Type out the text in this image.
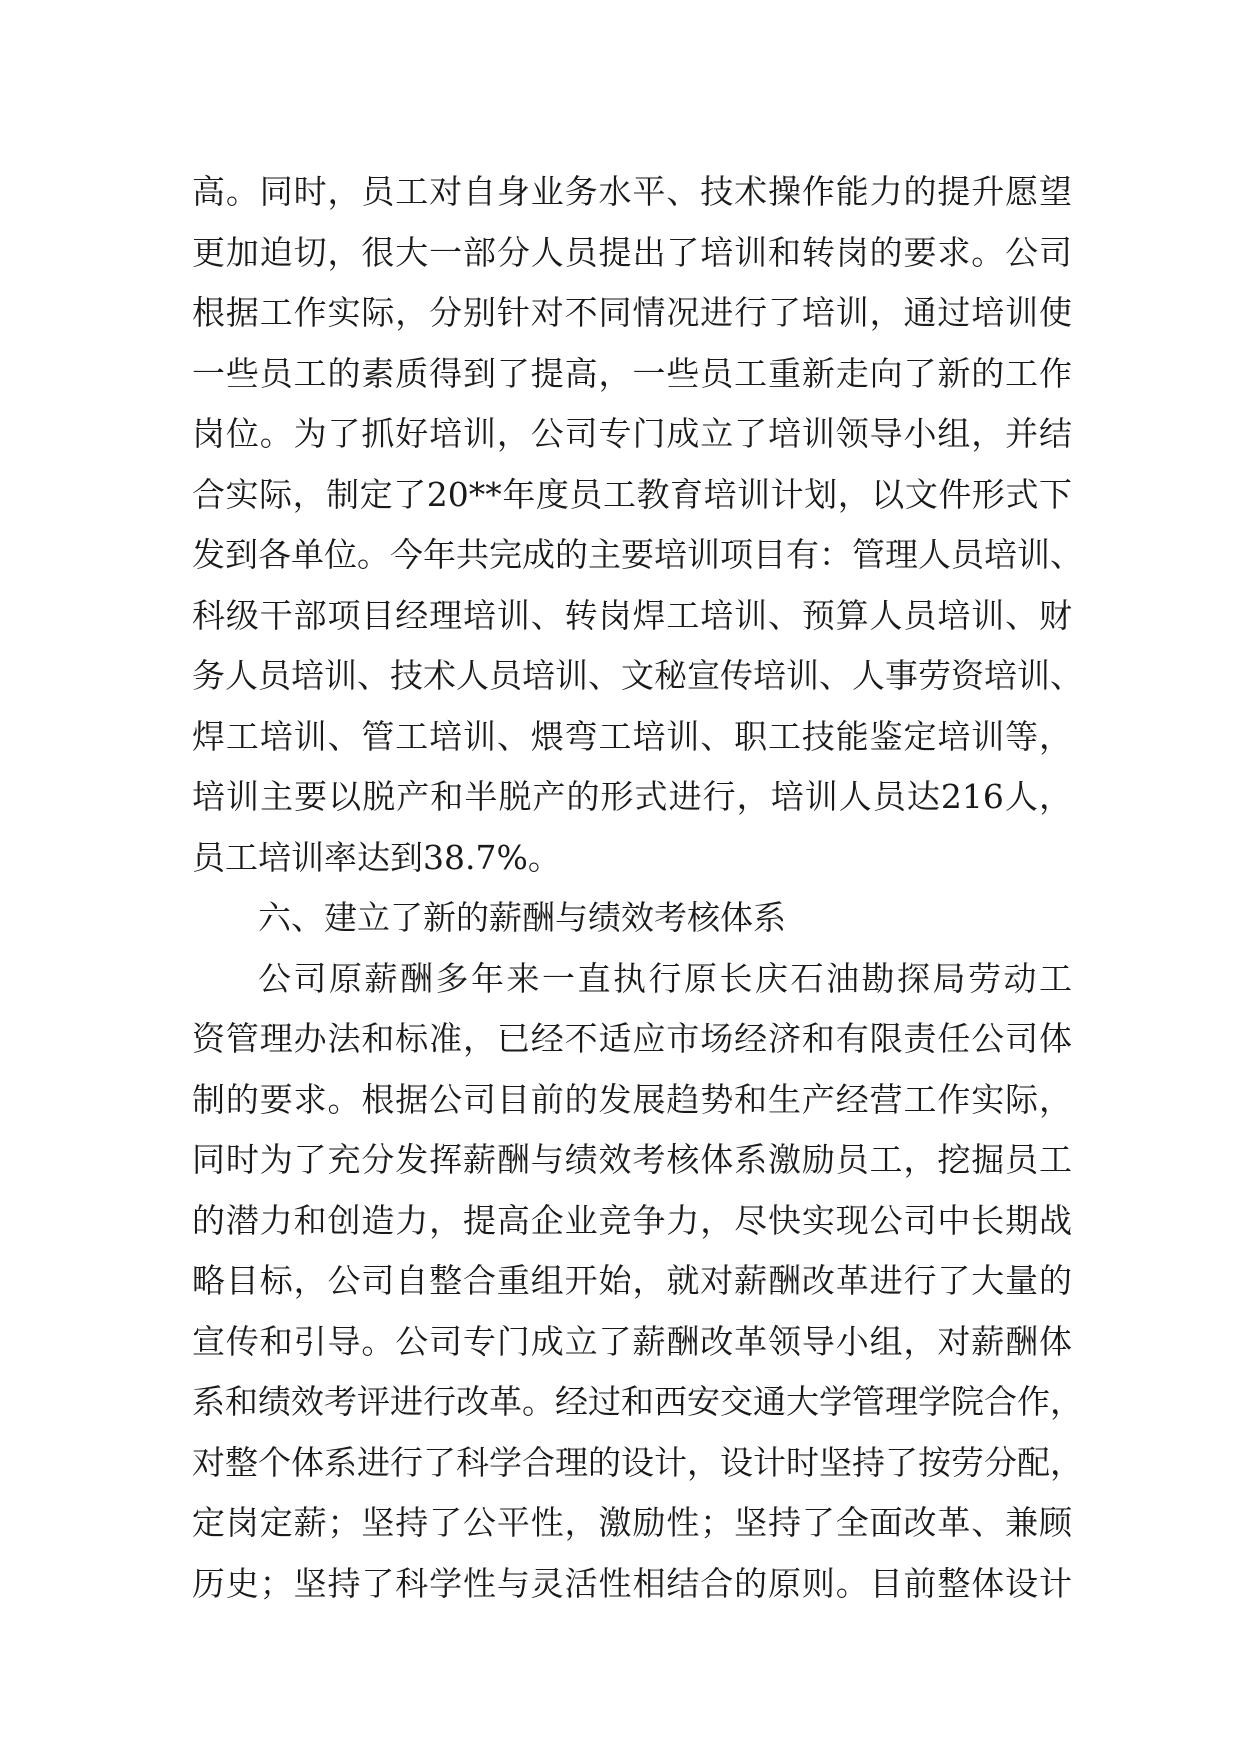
高。同时，员工对自身业务水平、技术操作能力的提升愿望
更加迫切，很大一部分人员提出了培训和转岗的要求。公司
根据工作实际，分别针对不同情况进行了培训，通过培训使
一些员工的素质得到了提高，一些员工重新走向了新的工作
岗位。为了抓好培训，公司专门成立了培训领导小组，并结
合实际，制定了20**年度员工教育培训计划，以文件形式下
发到各单位。今年共完成的主要培训项目有：管理人员培训、
科级干部项目经理培训、转岗焊工培训、预算人员培训、财
务人员培训、技术人员培训、文秘宣传培训、人事劳资培训、
焊工培训、管工培训、煨弯工培训、职工技能鉴定培训等，
培训主要以脱产和半脱产的形式进行，培训人员达216人，
员工培训率达到38.7%。
六、建立了新的薪酬与绩效考核体系
公司原薪酬多年来一直执行原长庆石油勘探局劳动工
资管理办法和标准，已经不适应市场经济和有限责任公司体
制的要求。根据公司目前的发展趋势和生产经营工作实际，
同时为了充分发挥薪酬与绩效考核体系激励员工，挖掘员工
的潜力和创造力，提高企业竞争力，尽快实现公司中长期战
略目标，公司自整合重组开始，就对薪酬改革进行了大量的
宣传和引导。公司专门成立了薪酬改革领导小组，对薪酬体
系和绩效考评进行改革。经过和西安交通大学管理学院合作，
对整个体系进行了科学合理的设计，设计时坚持了按劳分配，
定岗定薪；坚持了公平性，激励性；坚持了全面改革、兼顾
历史；坚持了科学性与灵活性相结合的原则。目前整体设计
